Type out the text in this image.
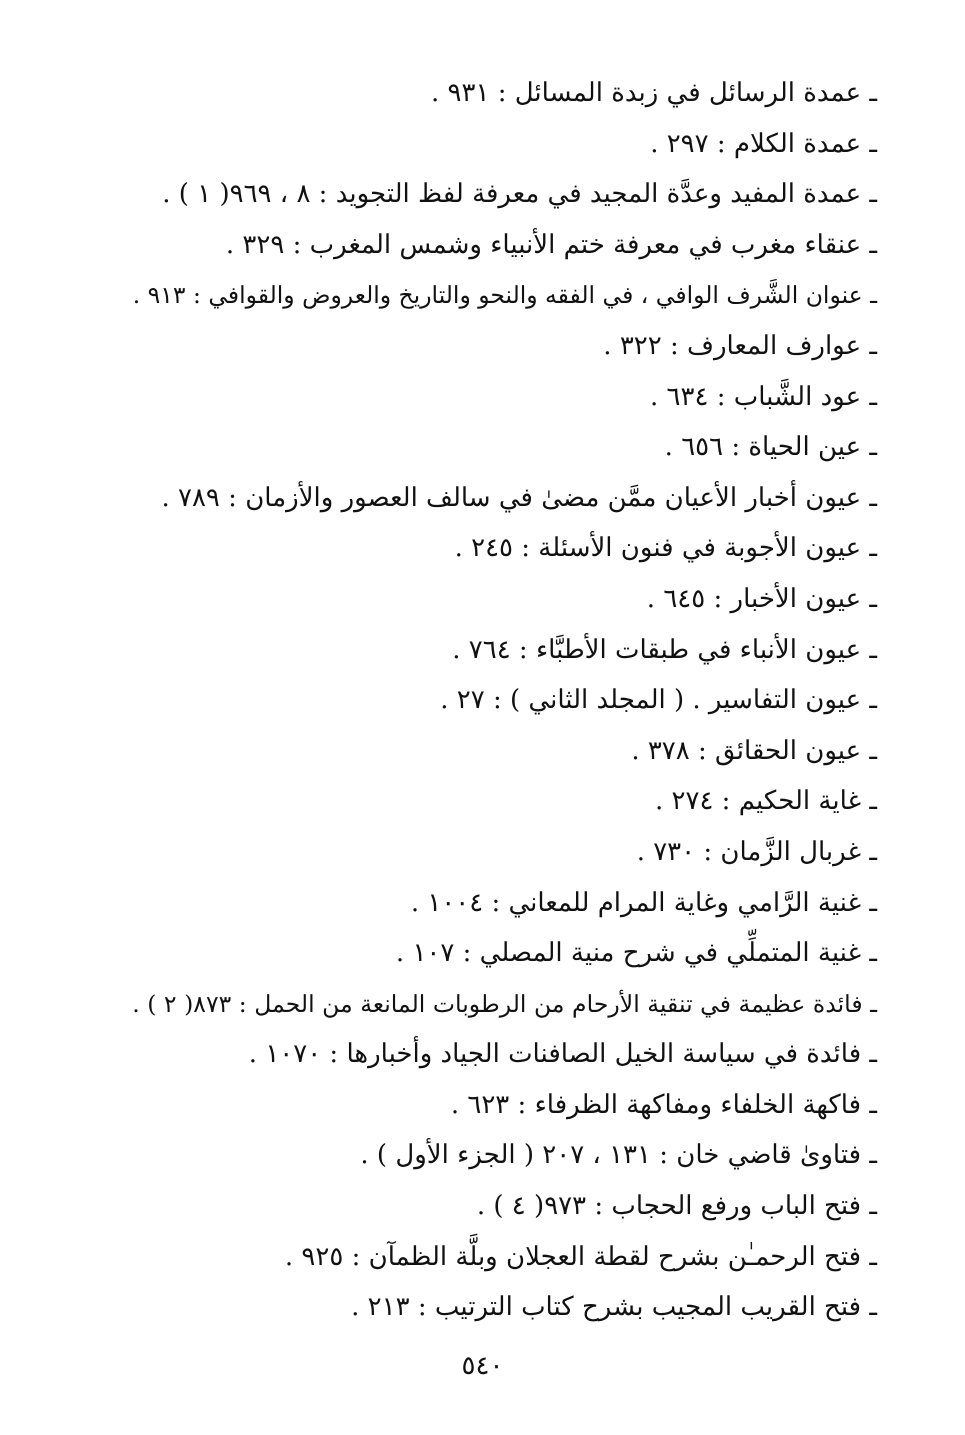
ـ عمدة الرسائل في زبدة المسائل : ٩٣١ .
ـ عمدة الكلام : ٢٩٧ .
ـ عمدة المفيد وعدَّة المجيد في معرفة لفظ التجويد : ٨ ، ٩٦٩( ١ ) .
ـ عنقاء مغرب في معرفة ختم الأنبياء وشمس المغرب : ٣٢٩ .
ـ عنوان الشَّرف الوافي ، في الفقه والنحو والتاريخ والعروض والقوافي : ٩١٣ .
ـ عوارف المعارف : ٣٢٢ .
ـ عود الشَّباب : ٦٣٤ .
ـ عين الحياة : ٦٥٦ .
ـ عيون أخبار الأعيان ممَّن مضىٰ في سالف العصور والأزمان : ٧٨٩ .
ـ عيون الأجوبة في فنون الأسئلة : ٢٤٥ .
ـ عيون الأخبار : ٦٤٥ .
ـ عيون الأنباء في طبقات الأطبَّاء : ٧٦٤ .
ـ عيون التفاسير . ( المجلد الثاني ) : ٢٧ .
ـ عيون الحقائق : ٣٧٨ .
ـ غاية الحكيم : ٢٧٤ .
ـ غربال الزَّمان : ٧٣٠ .
ـ غنية الرَّامي وغاية المرام للمعاني : ١٠٠٤ .
ـ غنية المتملِّي في شرح منية المصلي : ١٠٧ .
ـ فائدة عظيمة في تنقية الأرحام من الرطوبات المانعة من الحمل : ٨٧٣( ٢ ) .
ـ فائدة في سياسة الخيل الصافنات الجياد وأخبارها : ١٠٧٠ .
ـ فاكهة الخلفاء ومفاكهة الظرفاء : ٦٢٣ .
ـ فتاوىٰ قاضي خان : ١٣١ ، ٢٠٧ ( الجزء الأول ) .
ـ فتح الباب ورفع الحجاب : ٩٧٣( ٤ ) .
ـ فتح الرحمـٰن بشرح لقطة العجلان وبلَّة الظمآن : ٩٢٥ .
ـ فتح القريب المجيب بشرح كتاب الترتيب : ٢١٣ .
٥٤٠
